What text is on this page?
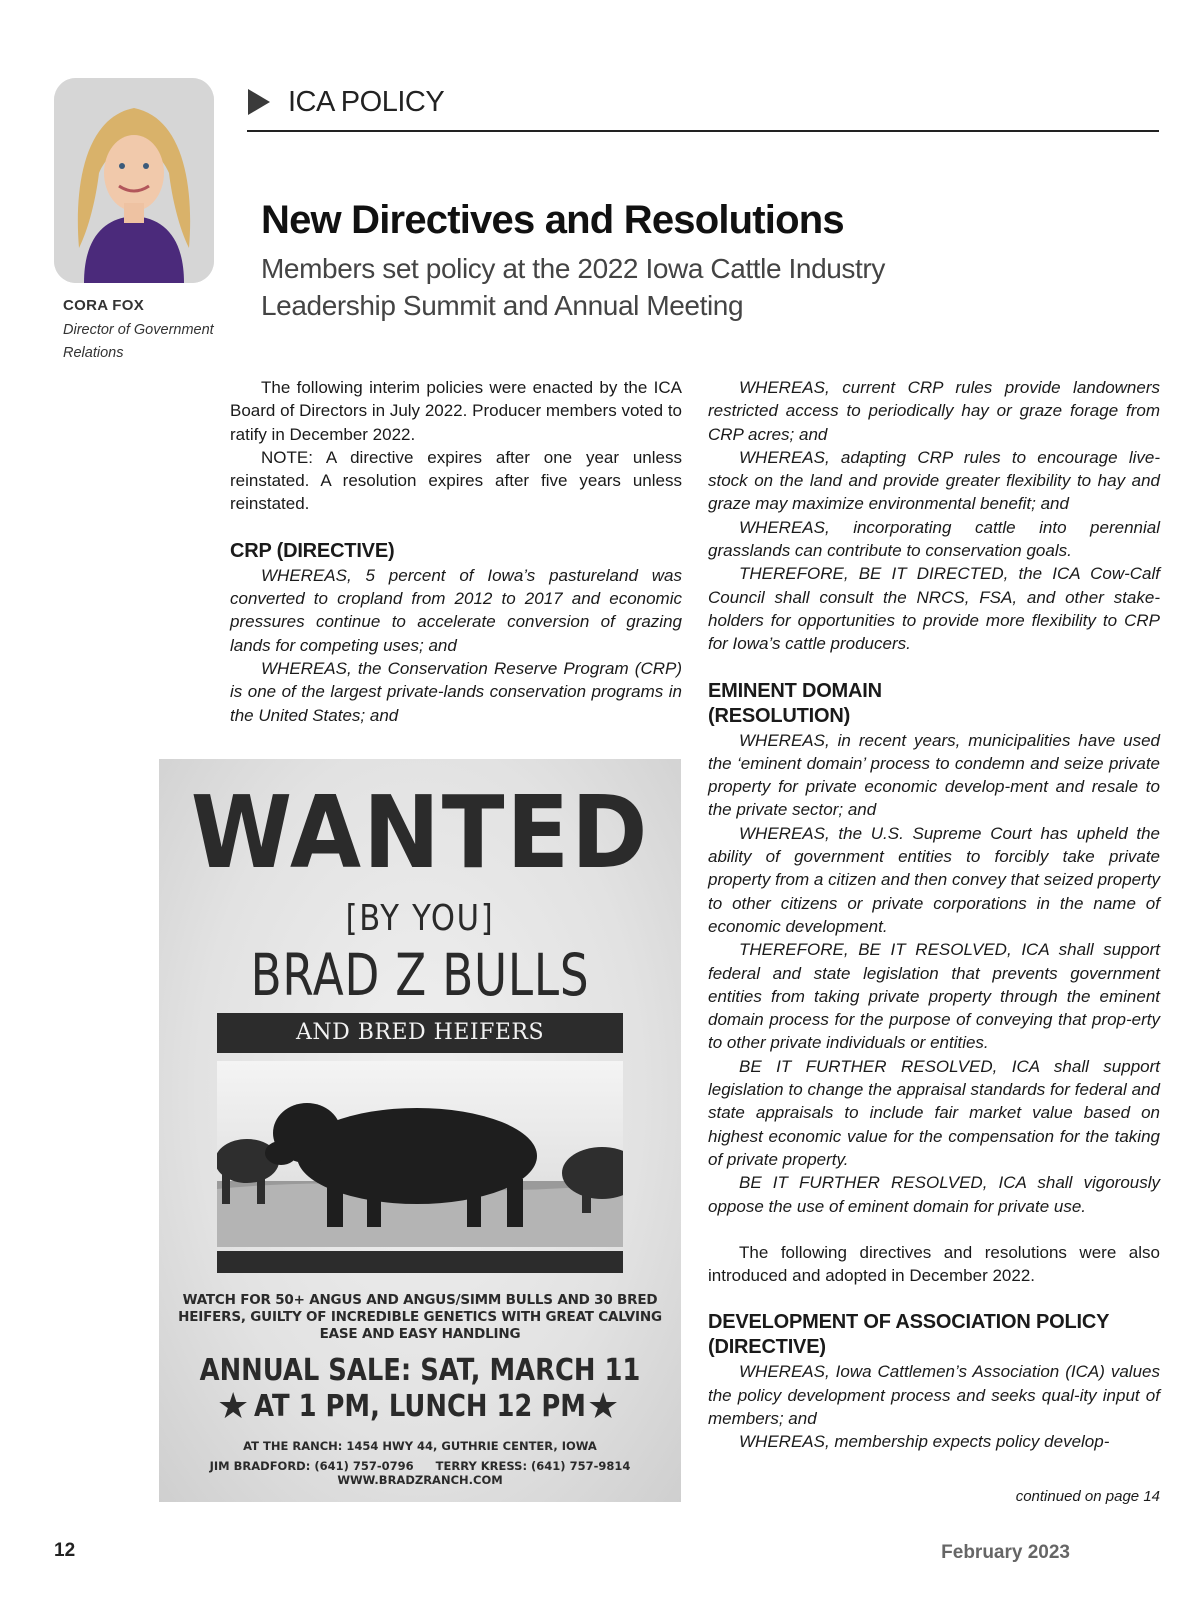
CORA FOX
Director of Government Relations
ICA POLICY
New Directives and Resolutions
Members set policy at the 2022 Iowa Cattle Industry Leadership Summit and Annual Meeting

The following interim policies were enacted by the ICA Board of Directors in July 2022. Producer members voted to ratify in December 2022.

NOTE: A directive expires after one year unless reinstated. A resolution expires after five years unless reinstated.

CRP (DIRECTIVE)

WHEREAS, 5 percent of Iowa’s pastureland was converted to cropland from 2012 to 2017 and economic pressures continue to accelerate conversion of grazing lands for competing uses; and

WHEREAS, the Conservation Reserve Program (CRP) is one of the largest private-lands conservation programs in the United States; and

WHEREAS, current CRP rules provide landowners restricted access to periodically hay or graze forage from CRP acres; and

WHEREAS, adapting CRP rules to encourage live-stock on the land and provide greater flexibility to hay and graze may maximize environmental benefit; and

WHEREAS, incorporating cattle into perennial grasslands can contribute to conservation goals.

THEREFORE, BE IT DIRECTED, the ICA Cow-Calf Council shall consult the NRCS, FSA, and other stake-holders for opportunities to provide more flexibility to CRP for Iowa’s cattle producers.

EMINENT DOMAIN
(RESOLUTION)

WHEREAS, in recent years, municipalities have used the ‘eminent domain’ process to condemn and seize private property for private economic develop-ment and resale to the private sector; and

WHEREAS, the U.S. Supreme Court has upheld the ability of government entities to forcibly take private property from a citizen and then convey that seized property to other citizens or private corporations in the name of economic development.

THEREFORE, BE IT RESOLVED, ICA shall support federal and state legislation that prevents government entities from taking private property through the eminent domain process for the purpose of conveying that prop-erty to other private individuals or entities.

BE IT FURTHER RESOLVED, ICA shall support legislation to change the appraisal standards for federal and state appraisals to include fair market value based on highest economic value for the compensation for the taking of private property.

BE IT FURTHER RESOLVED, ICA shall vigorously oppose the use of eminent domain for private use.

The following directives and resolutions were also introduced and adopted in December 2022.

DEVELOPMENT OF ASSOCIATION POLICY
(DIRECTIVE)

WHEREAS, Iowa Cattlemen’s Association (ICA) values the policy development process and seeks qual-ity input of members; and

WHEREAS, membership expects policy develop-

continued on page 14
WANTED
[BY YOU]
BRAD Z BULLS
AND BRED HEIFERS
WATCH FOR 50+ ANGUS AND ANGUS/SIMM BULLS AND 30 BRED HEIFERS, GUILTY OF INCREDIBLE GENETICS WITH GREAT CALVING EASE AND EASY HANDLING
ANNUAL SALE: SAT, MARCH 11
AT 1 PM, LUNCH 12 PM
★	★
AT THE RANCH: 1454 HWY 44, GUTHRIE CENTER, IOWA
JIM BRADFORD: (641) 757-0796 TERRY KRESS: (641) 757-9814 WWW.BRADZRANCH.COM
12	February 2023
